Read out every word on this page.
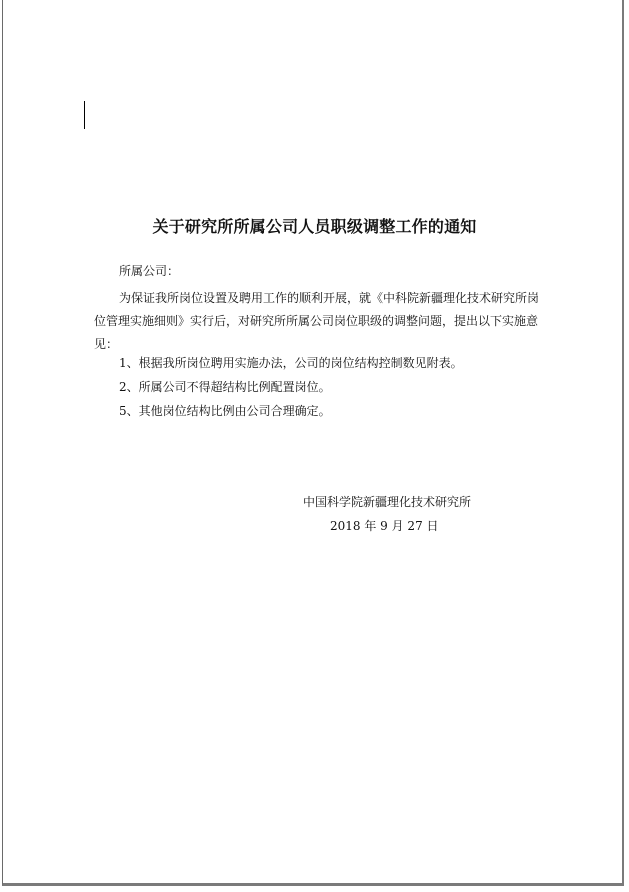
关于研究所所属公司人员职级调整工作的通知
所属公司：
为保证我所岗位设置及聘用工作的顺利开展，就《中科院新疆理化技术研究所岗位管理实施细则》实行后，对研究所所属公司岗位职级的调整问题，提出以下实施意见：
1、根据我所岗位聘用实施办法，公司的岗位结构控制数见附表。
2、所属公司不得超结构比例配置岗位。
5、其他岗位结构比例由公司合理确定。
中国科学院新疆理化技术研究所
2018 年 9 月 27 日
